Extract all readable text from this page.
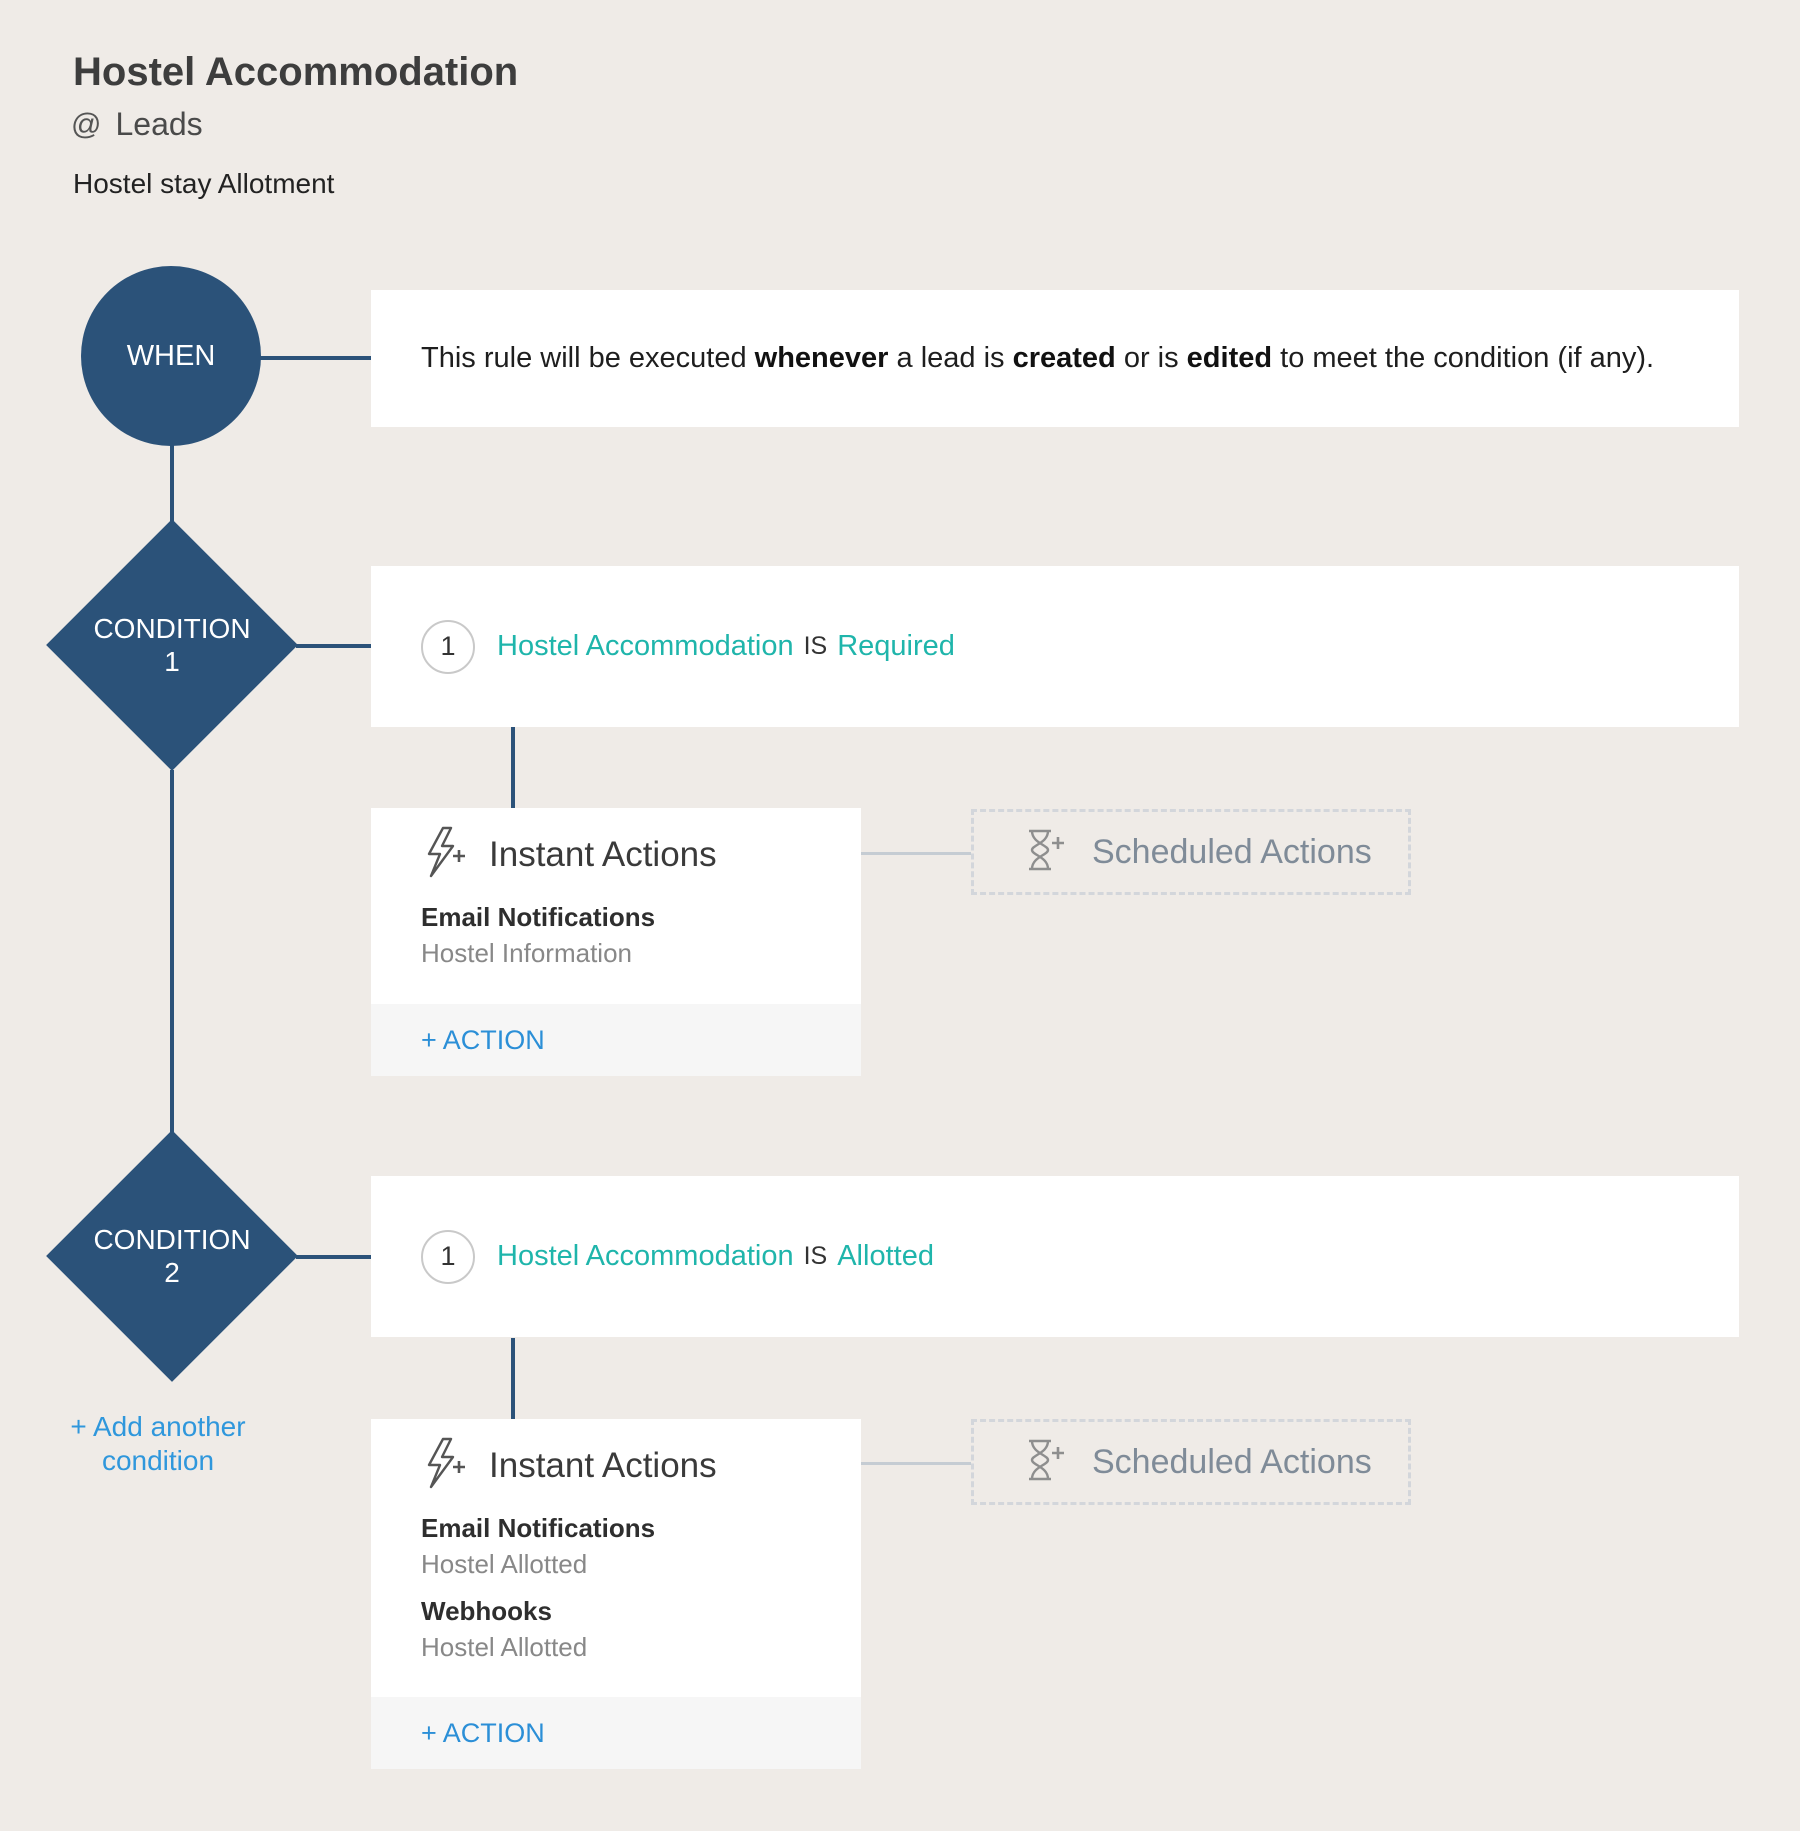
Hostel Accommodation
@ Leads
Hostel stay Allotment
WHEN	This rule will be executed whenever a lead is created or is edited to meet the condition (if any).
CONDITION
1	1	Hostel Accommodation IS Required
Instant Actions
Email Notifications
Hostel Information
+ ACTION
Scheduled Actions
CONDITION
2
1	Hostel Accommodation IS Allotted
Instant Actions
Email Notifications
Hostel Allotted
Webhooks
Hostel Allotted
+ ACTION
Scheduled Actions
+ Add another
condition
